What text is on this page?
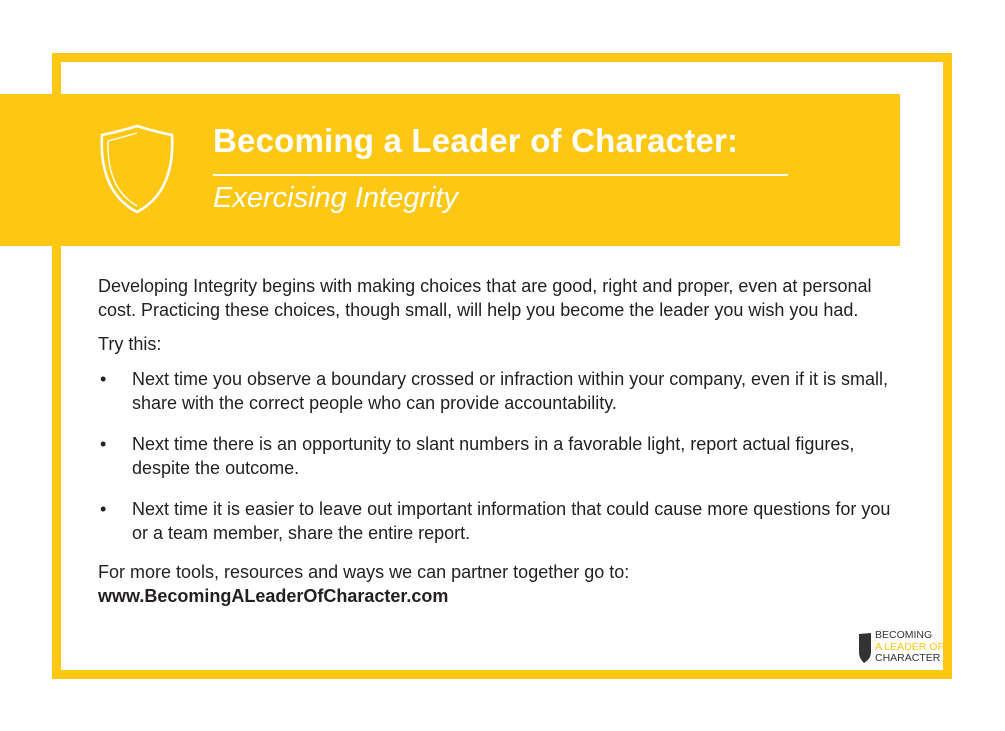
Becoming a Leader of Character:
Exercising Integrity

Developing Integrity begins with making choices that are good, right and proper, even at personal cost. Practicing these choices, though small, will help you become the leader you wish you had.

Try this:

• Next time you observe a boundary crossed or infraction within your company, even if it is small, share with the correct people who can provide accountability.
• Next time there is an opportunity to slant numbers in a favorable light, report actual figures, despite the outcome.
• Next time it is easier to leave out important information that could cause more questions for you or a team member, share the entire report.

For more tools, resources and ways we can partner together go to:

www.BecomingALeaderOfCharacter.com

BECOMING
A LEADER OF
CHARACTER
